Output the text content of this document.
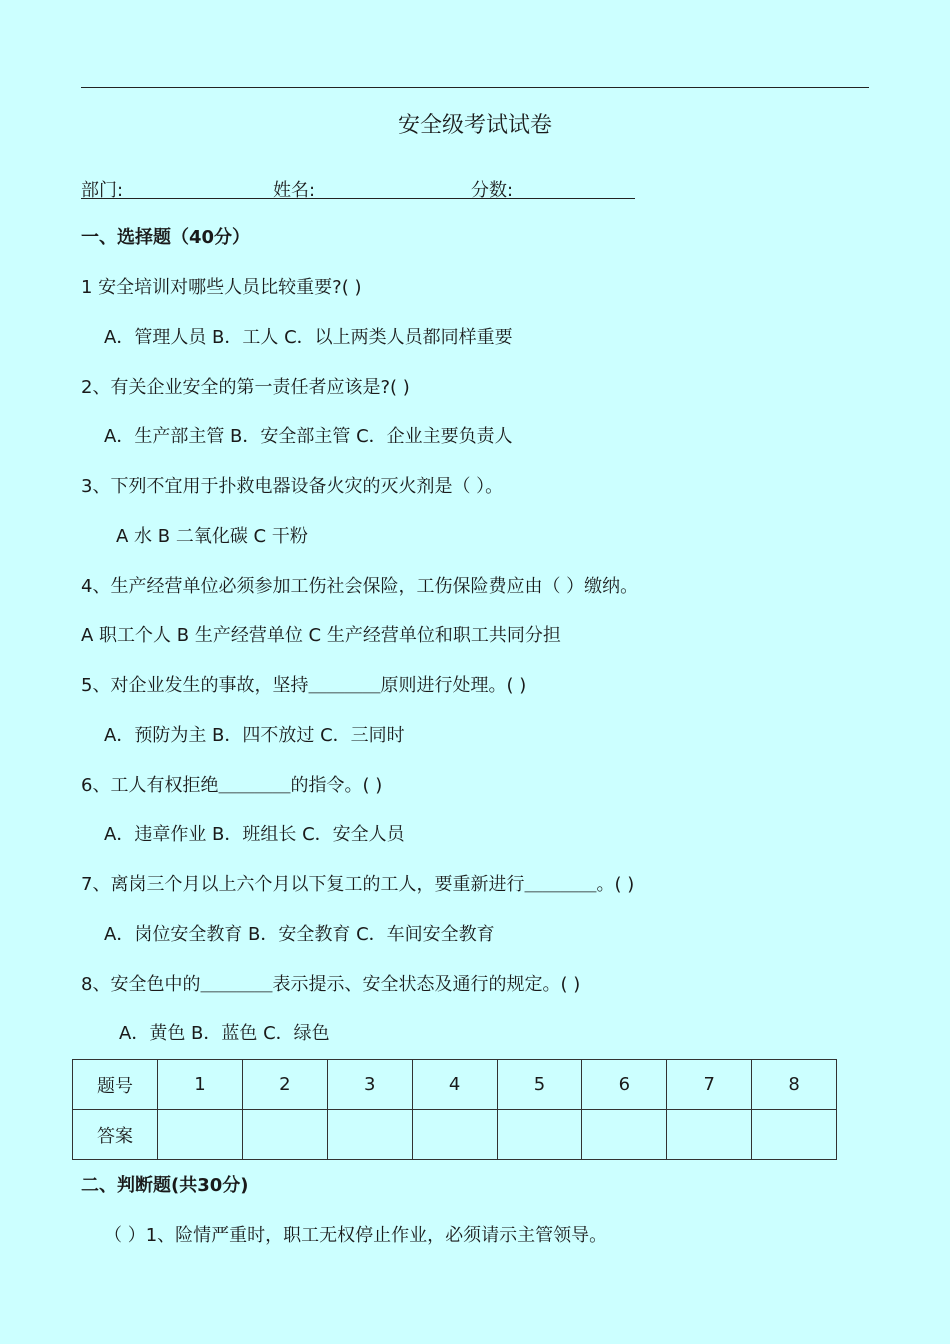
安全级考试试卷
部门:	姓名:	分数:
一、选择题（40分）
1 安全培训对哪些人员比较重要?( )
A．管理人员 B．工人 C．以上两类人员都同样重要
2、有关企业安全的第一责任者应该是?( )
A．生产部主管 B．安全部主管 C．企业主要负责人
3、下列不宜用于扑救电器设备火灾的灭火剂是（ ）。
A 水 B 二氧化碳 C 干粉
4、生产经营单位必须参加工伤社会保险，工伤保险费应由（ ）缴纳。
A 职工个人 B 生产经营单位 C 生产经营单位和职工共同分担
5、对企业发生的事故，坚持＿＿＿＿原则进行处理。( )
A．预防为主 B．四不放过 C．三同时
6、工人有权拒绝＿＿＿＿的指令。( )
A．违章作业 B．班组长 C．安全人员
7、离岗三个月以上六个月以下复工的工人，要重新进行＿＿＿＿。( )
A．岗位安全教育 B．安全教育 C．车间安全教育
8、安全色中的＿＿＿＿表示提示、安全状态及通行的规定。( )
A．黄色 B．蓝色 C．绿色
题号	1	2	3	4	5	6	7	8
答案								
二、判断题(共30分)
（ ）1、险情严重时，职工无权停止作业，必须请示主管领导。
